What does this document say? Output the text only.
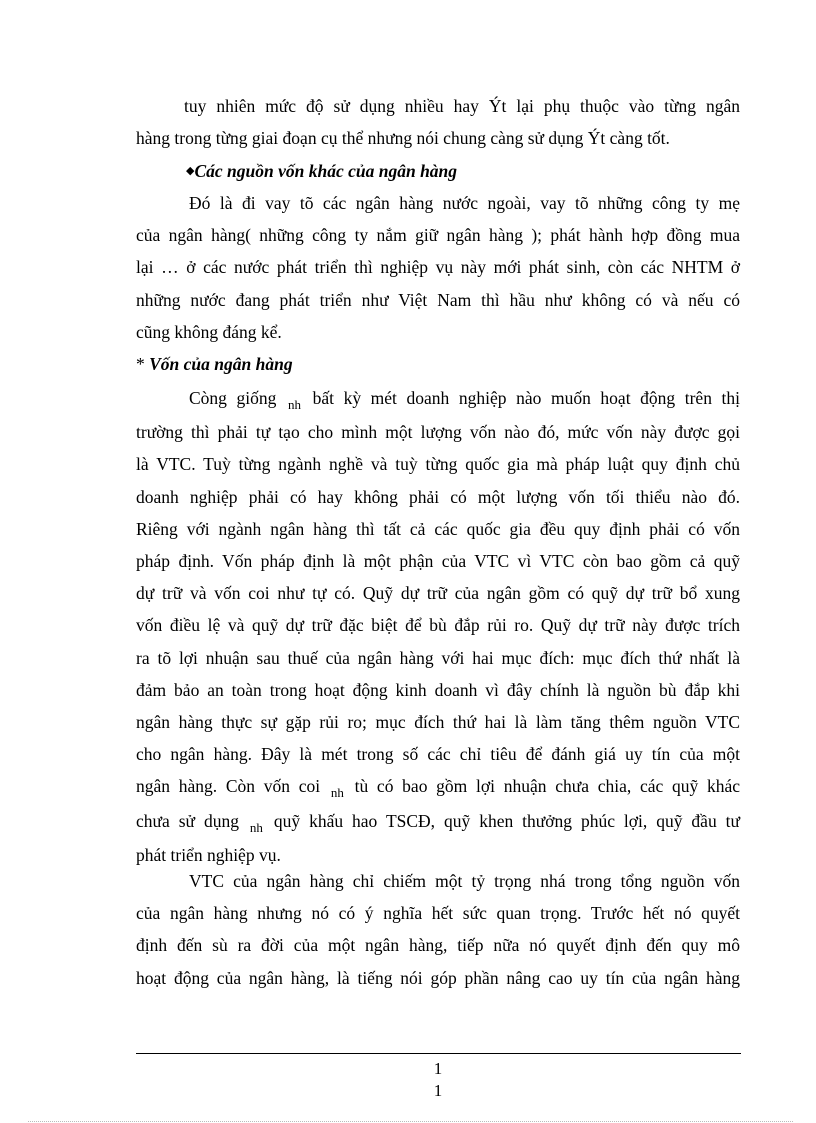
tuy nhiên mức độ sử dụng nhiều hay Ýt lại phụ thuộc vào từng ngân
hàng trong từng giai đoạn cụ thể nhưng nói chung càng sử dụng Ýt càng tốt.
◆Các nguồn vốn khác của ngân hàng
Đó là đi vay tõ các ngân hàng nước ngoài, vay tõ những công ty mẹ
của ngân hàng( những công ty nắm giữ ngân hàng ); phát hành hợp đồng mua
lại … ở các nước phát triển thì nghiệp vụ này mới phát sinh, còn các NHTM ở
những nước đang phát triển như Việt Nam thì hầu như không có và nếu có
cũng không đáng kể.
* Vốn của ngân hàng
Còng giống $_{nh}$ bất kỳ mét doanh nghiệp nào muốn hoạt động trên thị
trường thì phải tự tạo cho mình một lượng vốn nào đó, mức vốn này được gọi
là VTC. Tuỳ từng ngành nghề và tuỳ từng quốc gia mà pháp luật quy định chủ
doanh nghiệp phải có hay không phải có một lượng vốn tối thiểu nào đó.
Riêng với ngành ngân hàng thì tất cả các quốc gia đều quy định phải có vốn
pháp định. Vốn pháp định là một phận của VTC vì VTC còn bao gồm cả quỹ
dự trữ và vốn coi như tự có. Quỹ dự trữ của ngân gồm có quỹ dự trữ bổ xung
vốn điều lệ và quỹ dự trữ đặc biệt để bù đắp rủi ro. Quỹ dự trữ này được trích
ra tõ lợi nhuận sau thuế của ngân hàng với hai mục đích: mục đích thứ nhất là
đảm bảo an toàn trong hoạt động kinh doanh vì đây chính là nguồn bù đắp khi
ngân hàng thực sự gặp rủi ro; mục đích thứ hai là làm tăng thêm nguồn VTC
cho ngân hàng. Đây là mét trong số các chỉ tiêu để đánh giá uy tín của một
ngân hàng. Còn vốn coi $_{nh}$ tù có bao gồm lợi nhuận chưa chia, các quỹ khác
chưa sử dụng $_{nh}$ quỹ khấu hao TSCĐ, quỹ khen thưởng phúc lợi, quỹ đầu tư
phát triển nghiệp vụ.
VTC của ngân hàng chỉ chiếm một tỷ trọng nhá trong tổng nguồn vốn
của ngân hàng nhưng nó có ý nghĩa hết sức quan trọng. Trước hết nó quyết
định đến sù ra đời của một ngân hàng, tiếp nữa nó quyết định đến quy mô
hoạt động của ngân hàng, là tiếng nói góp phần nâng cao uy tín của ngân hàng
1
1
